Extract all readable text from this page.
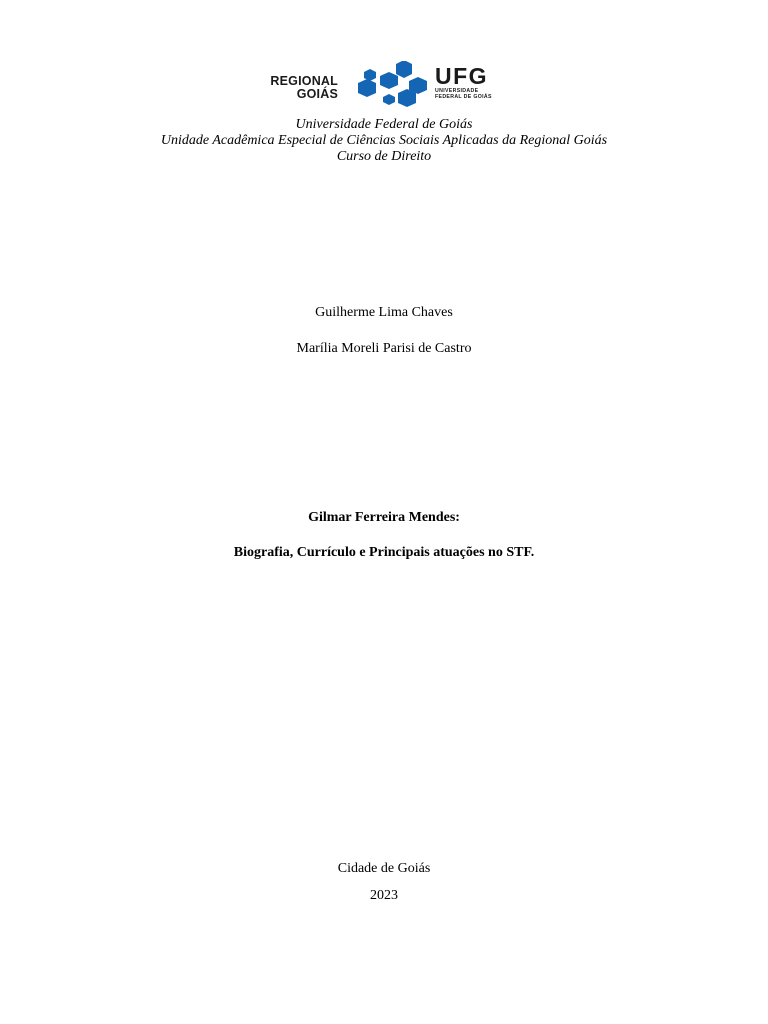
REGIONAL
GOIÁS
UFG
UNIVERSIDADE
FEDERAL DE GOIÁS
Universidade Federal de Goiás
Unidade Acadêmica Especial de Ciências Sociais Aplicadas da Regional Goiás
Curso de Direito
Guilherme Lima Chaves
Marília Moreli Parisi de Castro
Gilmar Ferreira Mendes:
Biografia, Currículo e Principais atuações no STF.
Cidade de Goiás
2023
